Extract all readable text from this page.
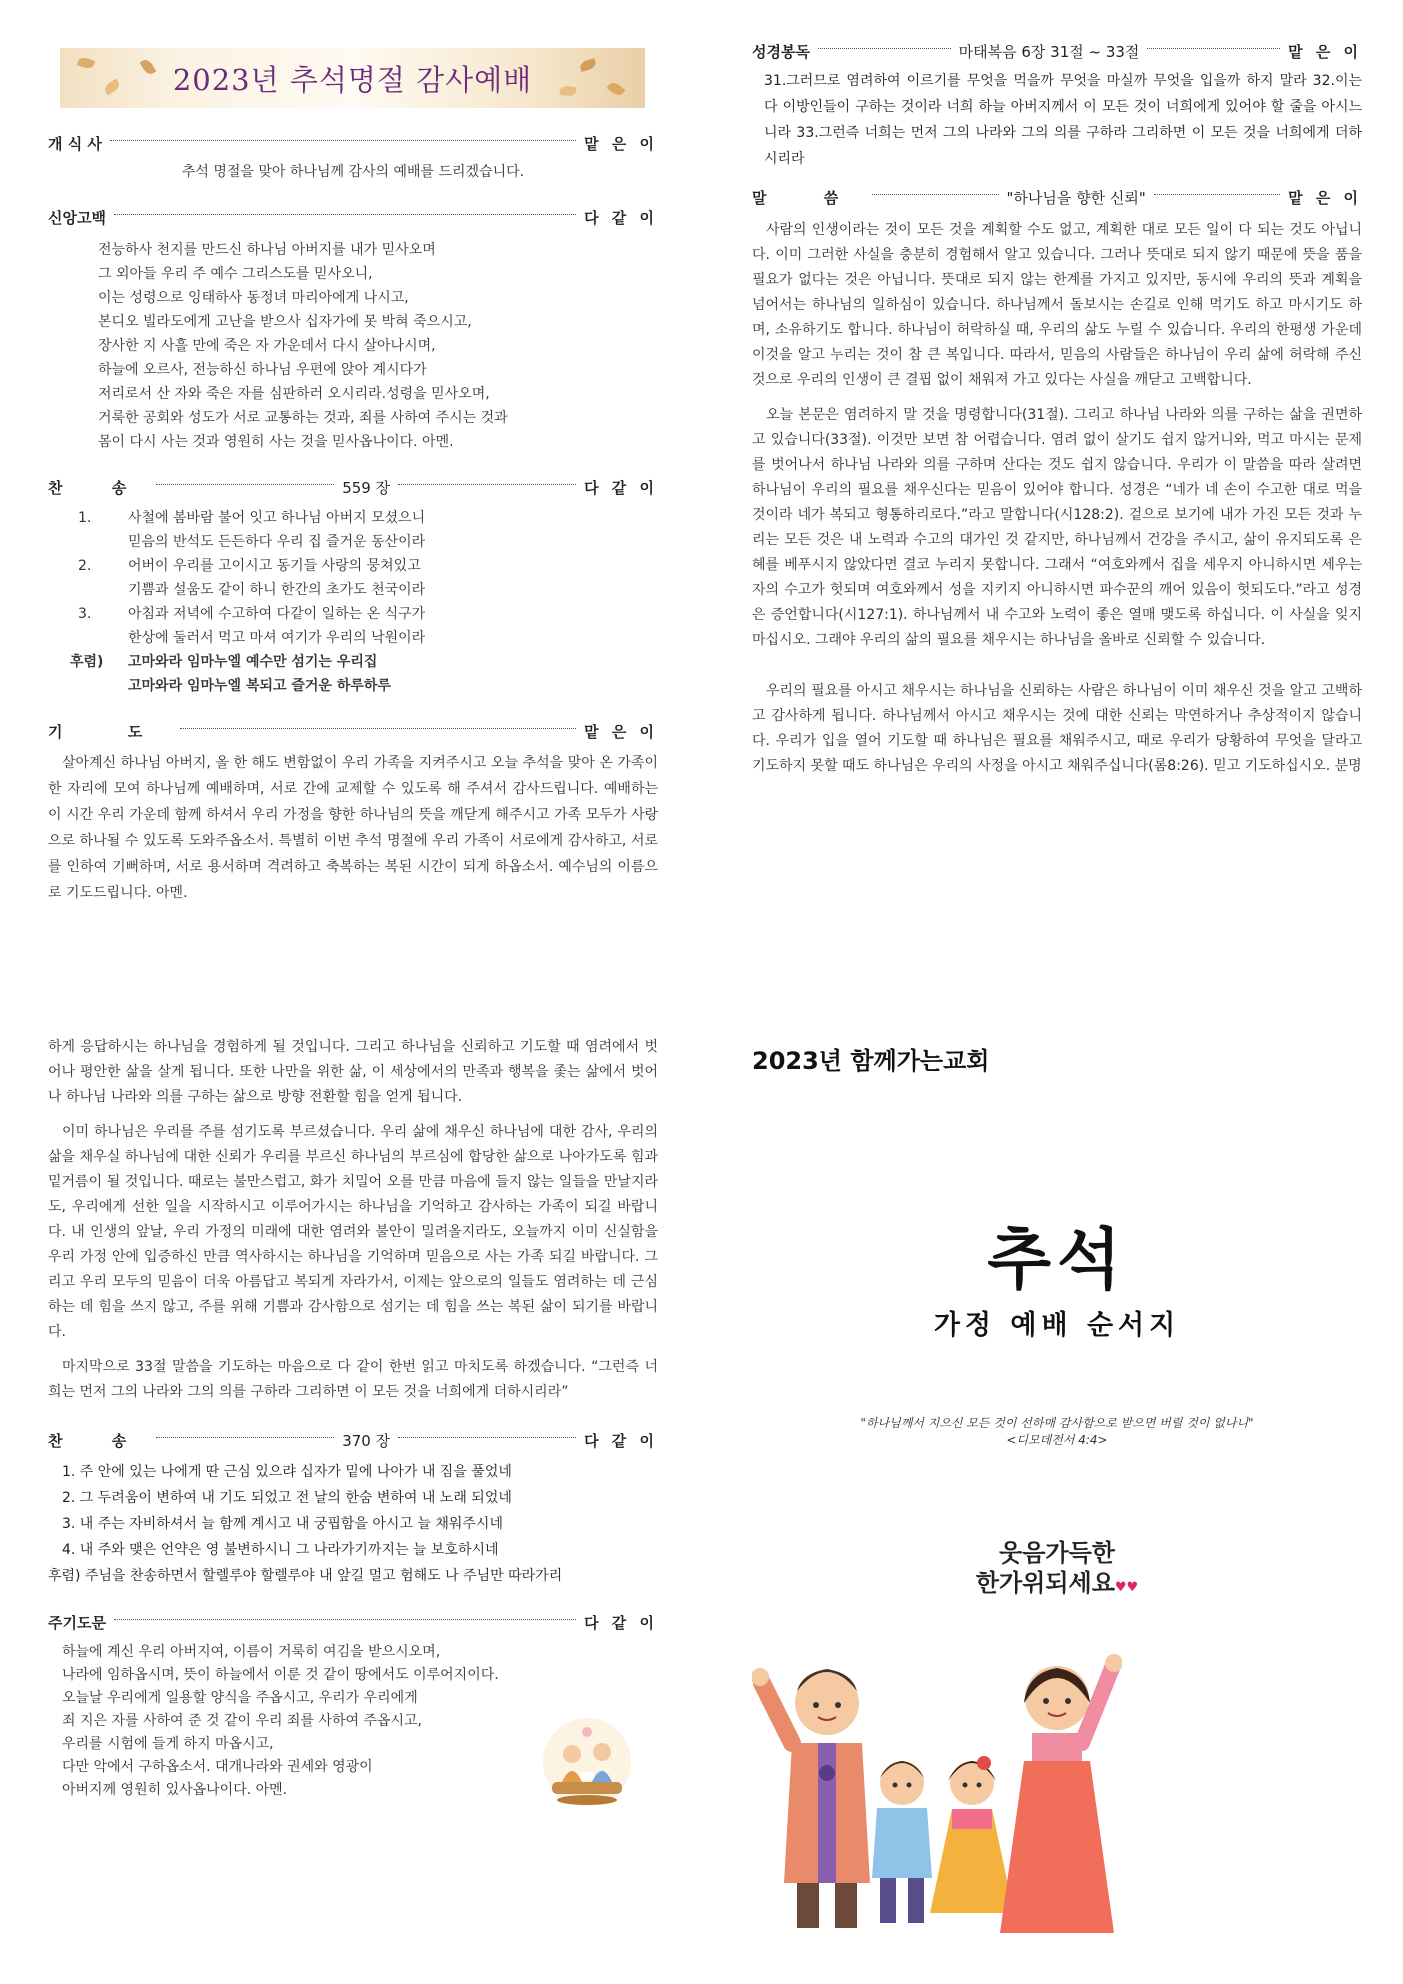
2023년 추석명절 감사예배
개 식 사	맡 은 이
추석 명절을 맞아 하나님께 감사의 예배를 드리겠습니다.
신앙고백	다 같 이
전능하사 천지를 만드신 하나님 아버지를 내가 믿사오며
그 외아들 우리 주 예수 그리스도를 믿사오니,
이는 성령으로 잉태하사 동정녀 마리아에게 나시고,
본디오 빌라도에게 고난을 받으사 십자가에 못 박혀 죽으시고,
장사한 지 사흘 만에 죽은 자 가운데서 다시 살아나시며,
하늘에 오르사, 전능하신 하나님 우편에 앉아 계시다가
저리로서 산 자와 죽은 자를 심판하러 오시리라.성령을 믿사오며,
거룩한 공회와 성도가 서로 교통하는 것과, 죄를 사하여 주시는 것과
몸이 다시 사는 것과 영원히 사는 것을 믿사옵나이다. 아멘.
찬 송	559 장	다 같 이
1.	사철에 봄바람 불어 잇고 하나님 아버지 모셨으니
믿음의 반석도 든든하다 우리 집 즐거운 동산이라
2.	어버이 우리를 고이시고 동기들 사랑의 뭉쳐있고
기쁨과 설움도 같이 하니 한간의 초가도 천국이라
3.	아침과 저녁에 수고하여 다같이 일하는 온 식구가
한상에 둘러서 먹고 마셔 여기가 우리의 낙원이라
후렴)	고마와라 임마누엘 예수만 섬기는 우리집
고마와라 임마누엘 복되고 즐거운 하루하루
기 도	맡 은 이
살아계신 하나님 아버지, 올 한 해도 변함없이 우리 가족을 지켜주시고 오늘 추석을 맞아 온 가족이 한 자리에 모여 하나님께 예배하며, 서로 간에 교제할 수 있도록 해 주셔서 감사드립니다. 예배하는 이 시간 우리 가운데 함께 하셔서 우리 가정을 향한 하나님의 뜻을 깨닫게 해주시고 가족 모두가 사랑으로 하나될 수 있도록 도와주옵소서. 특별히 이번 추석 명절에 우리 가족이 서로에게 감사하고, 서로를 인하여 기뻐하며, 서로 용서하며 격려하고 축복하는 복된 시간이 되게 하옵소서. 예수님의 이름으로 기도드립니다. 아멘.
성경봉독	마태복음 6장 31절 ~ 33절	맡 은 이
31.그러므로 염려하여 이르기를 무엇을 먹을까 무엇을 마실까 무엇을 입을까 하지 말라 32.이는 다 이방인들이 구하는 것이라 너희 하늘 아버지께서 이 모든 것이 너희에게 있어야 할 줄을 아시느니라 33.그런즉 너희는 먼저 그의 나라와 그의 의를 구하라 그리하면 이 모든 것을 너희에게 더하시리라
말 씀	"하나님을 향한 신뢰"	맡 은 이
사람의 인생이라는 것이 모든 것을 계획할 수도 없고, 계획한 대로 모든 일이 다 되는 것도 아닙니다. 이미 그러한 사실을 충분히 경험해서 알고 있습니다. 그러나 뜻대로 되지 않기 때문에 뜻을 품을 필요가 없다는 것은 아닙니다. 뜻대로 되지 않는 한계를 가지고 있지만, 동시에 우리의 뜻과 계획을 넘어서는 하나님의 일하심이 있습니다. 하나님께서 돌보시는 손길로 인해 먹기도 하고 마시기도 하며, 소유하기도 합니다. 하나님이 허락하실 때, 우리의 삶도 누릴 수 있습니다. 우리의 한평생 가운데 이것을 알고 누리는 것이 참 큰 복입니다. 따라서, 믿음의 사람들은 하나님이 우리 삶에 허락해 주신 것으로 우리의 인생이 큰 결핍 없이 채워져 가고 있다는 사실을 깨닫고 고백합니다.
오늘 본문은 염려하지 말 것을 명령합니다(31절). 그리고 하나님 나라와 의를 구하는 삶을 권면하고 있습니다(33절). 이것만 보면 참 어렵습니다. 염려 없이 살기도 쉽지 않거니와, 먹고 마시는 문제를 벗어나서 하나님 나라와 의를 구하며 산다는 것도 쉽지 않습니다. 우리가 이 말씀을 따라 살려면 하나님이 우리의 필요를 채우신다는 믿음이 있어야 합니다. 성경은 “네가 네 손이 수고한 대로 먹을 것이라 네가 복되고 형통하리로다.”라고 말합니다(시128:2). 겉으로 보기에 내가 가진 모든 것과 누리는 모든 것은 내 노력과 수고의 대가인 것 같지만, 하나님께서 건강을 주시고, 삶이 유지되도록 은혜를 베푸시지 않았다면 결코 누리지 못합니다. 그래서 “여호와께서 집을 세우지 아니하시면 세우는 자의 수고가 헛되며 여호와께서 성을 지키지 아니하시면 파수꾼의 깨어 있음이 헛되도다.”라고 성경은 증언합니다(시127:1). 하나님께서 내 수고와 노력이 좋은 열매 맺도록 하십니다. 이 사실을 잊지 마십시오. 그래야 우리의 삶의 필요를 채우시는 하나님을 올바로 신뢰할 수 있습니다.
우리의 필요를 아시고 채우시는 하나님을 신뢰하는 사람은 하나님이 이미 채우신 것을 알고 고백하고 감사하게 됩니다. 하나님께서 아시고 채우시는 것에 대한 신뢰는 막연하거나 추상적이지 않습니다. 우리가 입을 열어 기도할 때 하나님은 필요를 채워주시고, 때로 우리가 당황하여 무엇을 달라고 기도하지 못할 때도 하나님은 우리의 사정을 아시고 채워주십니다(롬8:26). 믿고 기도하십시오. 분명
하게 응답하시는 하나님을 경험하게 될 것입니다. 그리고 하나님을 신뢰하고 기도할 때 염려에서 벗어나 평안한 삶을 살게 됩니다. 또한 나만을 위한 삶, 이 세상에서의 만족과 행복을 좇는 삶에서 벗어나 하나님 나라와 의를 구하는 삶으로 방향 전환할 힘을 얻게 됩니다.
이미 하나님은 우리를 주를 섬기도록 부르셨습니다. 우리 삶에 채우신 하나님에 대한 감사, 우리의 삶을 채우실 하나님에 대한 신뢰가 우리를 부르신 하나님의 부르심에 합당한 삶으로 나아가도록 힘과 밑거름이 될 것입니다. 때로는 불만스럽고, 화가 치밀어 오를 만큼 마음에 들지 않는 일들을 만날지라도, 우리에게 선한 일을 시작하시고 이루어가시는 하나님을 기억하고 감사하는 가족이 되길 바랍니다. 내 인생의 앞날, 우리 가정의 미래에 대한 염려와 불안이 밀려올지라도, 오늘까지 이미 신실함을 우리 가정 안에 입증하신 만큼 역사하시는 하나님을 기억하며 믿음으로 사는 가족 되길 바랍니다. 그리고 우리 모두의 믿음이 더욱 아름답고 복되게 자라가서, 이제는 앞으로의 일들도 염려하는 데 근심하는 데 힘을 쓰지 않고, 주를 위해 기쁨과 감사함으로 섬기는 데 힘을 쓰는 복된 삶이 되기를 바랍니다.
마지막으로 33절 말씀을 기도하는 마음으로 다 같이 한번 읽고 마치도록 하겠습니다. “그런즉 너희는 먼저 그의 나라와 그의 의를 구하라 그리하면 이 모든 것을 너희에게 더하시리라”
찬 송	370 장	다 같 이
1. 주 안에 있는 나에게 딴 근심 있으랴 십자가 밑에 나아가 내 짐을 풀었네
2. 그 두려움이 변하여 내 기도 되었고 전 날의 한숨 변하여 내 노래 되었네
3. 내 주는 자비하셔서 늘 함께 계시고 내 궁핍함을 아시고 늘 채워주시네
4. 내 주와 맺은 언약은 영 불변하시니 그 나라가기까지는 늘 보호하시네
후렴) 주님을 찬송하면서 할렐루야 할렐루야 내 앞길 멀고 험해도 나 주님만 따라가리
주기도문	다 같 이
하늘에 계신 우리 아버지여, 이름이 거룩히 여김을 받으시오며,
나라에 임하옵시며, 뜻이 하늘에서 이룬 것 같이 땅에서도 이루어지이다.
오늘날 우리에게 일용할 양식을 주옵시고, 우리가 우리에게
죄 지은 자를 사하여 준 것 같이 우리 죄를 사하여 주옵시고,
우리를 시험에 들게 하지 마옵시고,
다만 악에서 구하옵소서. 대개나라와 권세와 영광이
아버지께 영원히 있사옵나이다. 아멘.
2023년 함께가는교회
추석
가정 예배 순서지
"하나님께서 지으신 모든 것이 선하매 감사함으로 받으면 버릴 것이 없나니"
<디모데전서 4:4>
웃음가득한
한가위되세요♥♥
